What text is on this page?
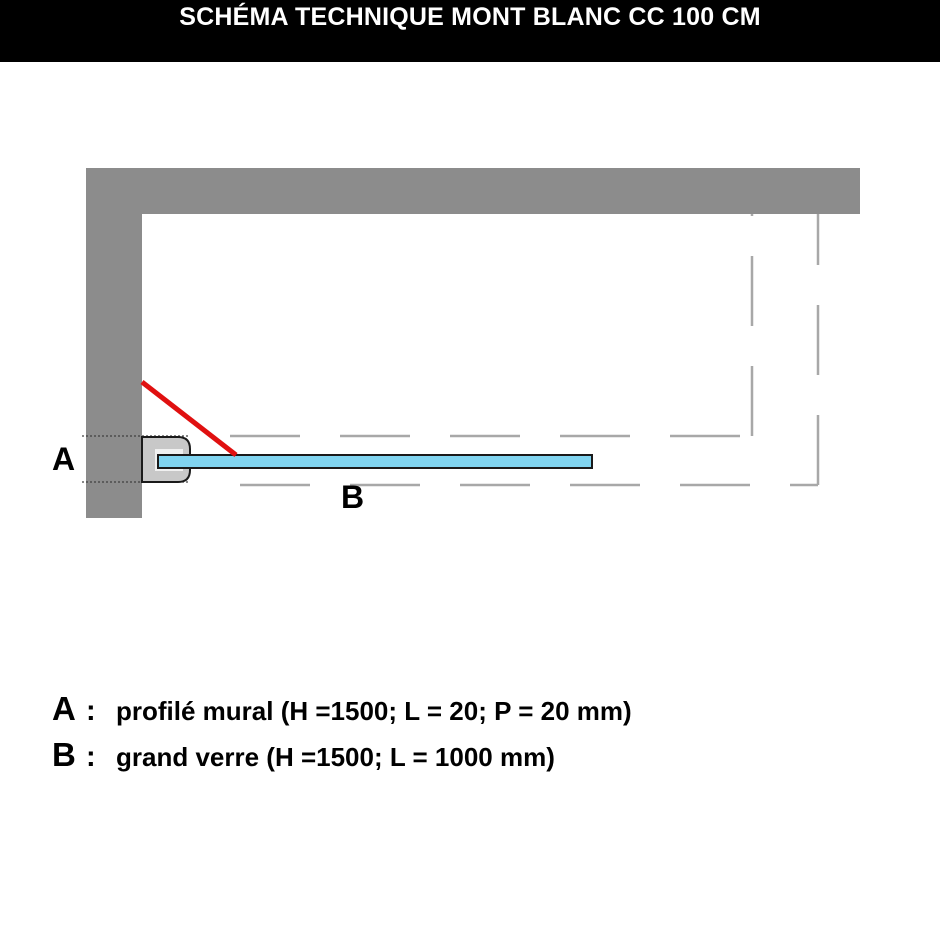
SCHÉMA TECHNIQUE MONT BLANC CC 100 CM
A
B
A : profilé mural (H =1500; L = 20; P = 20 mm)
B : grand verre (H =1500; L = 1000 mm)
